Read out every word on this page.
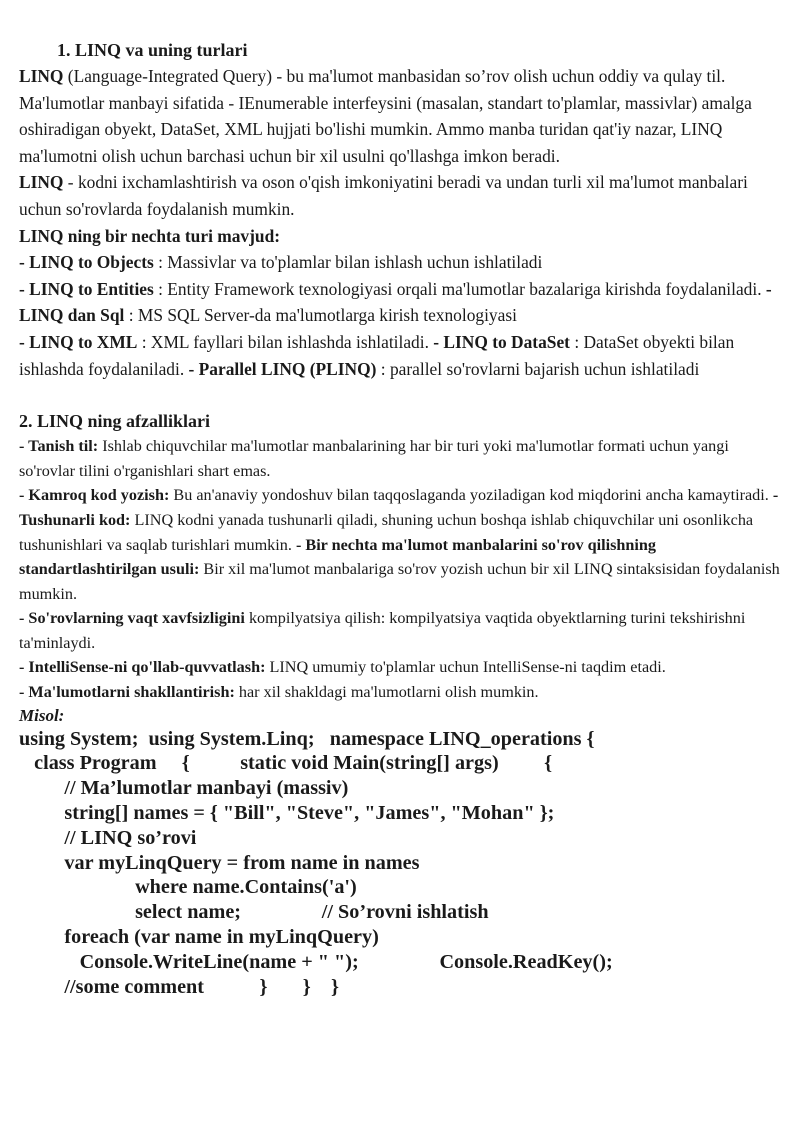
1. LINQ va uning turlari

LINQ (Language-Integrated Query) - bu ma'lumot manbasidan so’rov olish uchun oddiy va qulay til. Ma'lumotlar manbayi sifatida - IEnumerable interfeysini (masalan, standart to'plamlar, massivlar) amalga oshiradigan obyekt, DataSet, XML hujjati bo'lishi mumkin. Ammo manba turidan qat'iy nazar, LINQ ma'lumotni olish uchun barchasi uchun bir xil usulni qo'llashga imkon beradi.

LINQ - kodni ixchamlashtirish va oson o'qish imkoniyatini beradi va undan turli xil ma'lumot manbalari uchun so'rovlarda foydalanish mumkin.

LINQ ning bir nechta turi mavjud:

- LINQ to Objects : Massivlar va to'plamlar bilan ishlash uchun ishlatiladi

- LINQ to Entities : Entity Framework texnologiyasi orqali ma'lumotlar bazalariga kirishda foydalaniladi. - LINQ dan Sql : MS SQL Server-da ma'lumotlarga kirish texnologiyasi

- LINQ to XML : XML fayllari bilan ishlashda ishlatiladi. - LINQ to DataSet : DataSet obyekti bilan ishlashda foydalaniladi. - Parallel LINQ (PLINQ) : parallel so'rovlarni bajarish uchun ishlatiladi

2. LINQ ning afzalliklari

- Tanish til: Ishlab chiquvchilar ma'lumotlar manbalarining har bir turi yoki ma'lumotlar formati uchun yangi so'rovlar tilini o'rganishlari shart emas.

- Kamroq kod yozish: Bu an'anaviy yondoshuv bilan taqqoslaganda yoziladigan kod miqdorini ancha kamaytiradi. - Tushunarli kod: LINQ kodni yanada tushunarli qiladi, shuning uchun boshqa ishlab chiquvchilar uni osonlikcha tushunishlari va saqlab turishlari mumkin. - Bir nechta ma'lumot manbalarini so'rov qilishning standartlashtirilgan usuli: Bir xil ma'lumot manbalariga so'rov yozish uchun bir xil LINQ sintaksisidan foydalanish mumkin.

- So'rovlarning vaqt xavfsizligini kompilyatsiya qilish: kompilyatsiya vaqtida obyektlarning turini tekshirishni ta'minlaydi.

- IntelliSense-ni qo'llab-quvvatlash: LINQ umumiy to'plamlar uchun IntelliSense-ni taqdim etadi.

- Ma'lumotlarni shakllantirish: har xil shakldagi ma'lumotlarni olish mumkin.

Misol:

using System;  using System.Linq;   namespace LINQ_operations {

class Program     {          static void Main(string[] args)         {

// Ma’lumotlar manbayi (massiv)

string[] names = { "Bill", "Steve", "James", "Mohan" };

// LINQ so’rovi

var myLinqQuery = from name in names

where name.Contains('a')

select name;                // So’rovni ishlatish

foreach (var name in myLinqQuery)

Console.WriteLine(name + " ");                Console.ReadKey();

//some comment           }       }    }
